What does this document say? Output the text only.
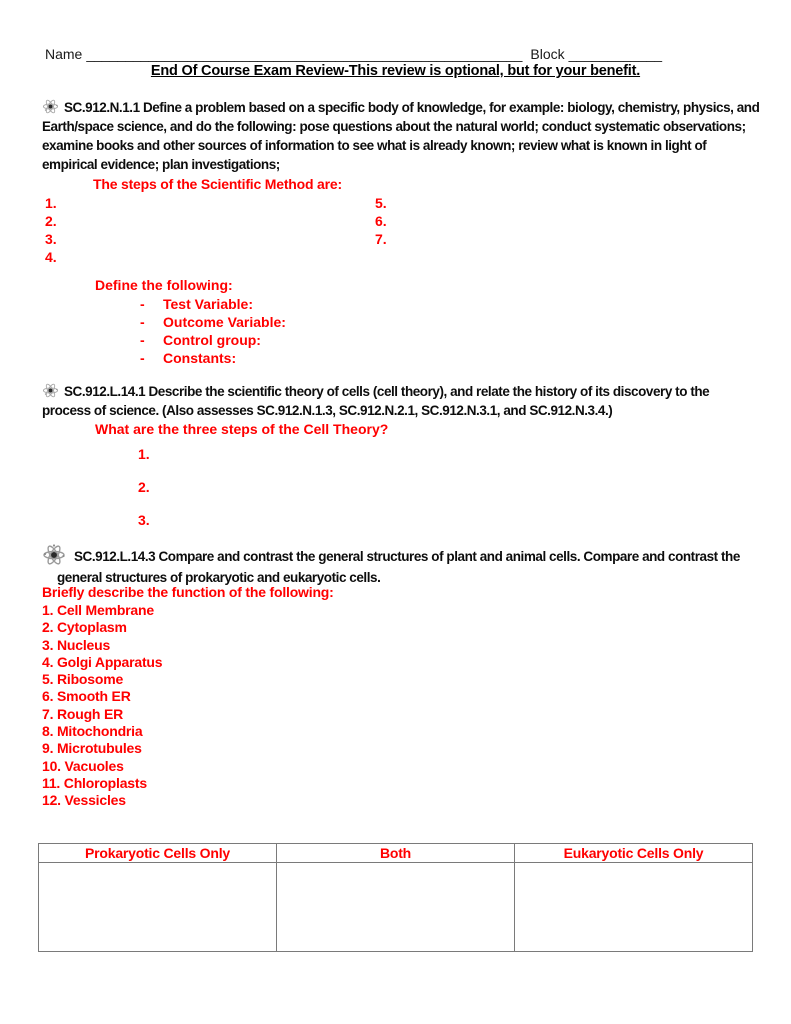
Name ________________________________________________________ Block ____________
End Of Course Exam Review-This review is optional, but for your benefit.
SC.912.N.1.1 Define a problem based on a specific body of knowledge, for example: biology, chemistry, physics, and Earth/space science, and do the following: pose questions about the natural world; conduct systematic observations; examine books and other sources of information to see what is already known; review what is known in light of empirical evidence; plan investigations;
The steps of the Scientific Method are:
1.
2.
3.
4.
5.
6.
7.
Define the following:
- Test Variable:
- Outcome Variable:
- Control group:
- Constants:
SC.912.L.14.1 Describe the scientific theory of cells (cell theory), and relate the history of its discovery to the process of science. (Also assesses SC.912.N.1.3, SC.912.N.2.1, SC.912.N.3.1, and SC.912.N.3.4.)
What are the three steps of the Cell Theory?
1.
2.
3.
SC.912.L.14.3 Compare and contrast the general structures of plant and animal cells. Compare and contrast the general structures of prokaryotic and eukaryotic cells.
Briefly describe the function of the following:
1. Cell Membrane
2. Cytoplasm
3. Nucleus
4. Golgi Apparatus
5. Ribosome
6. Smooth ER
7. Rough ER
8. Mitochondria
9. Microtubules
10. Vacuoles
11. Chloroplasts
12. Vessicles
Prokaryotic Cells Only	Both	Eukaryotic Cells Only
